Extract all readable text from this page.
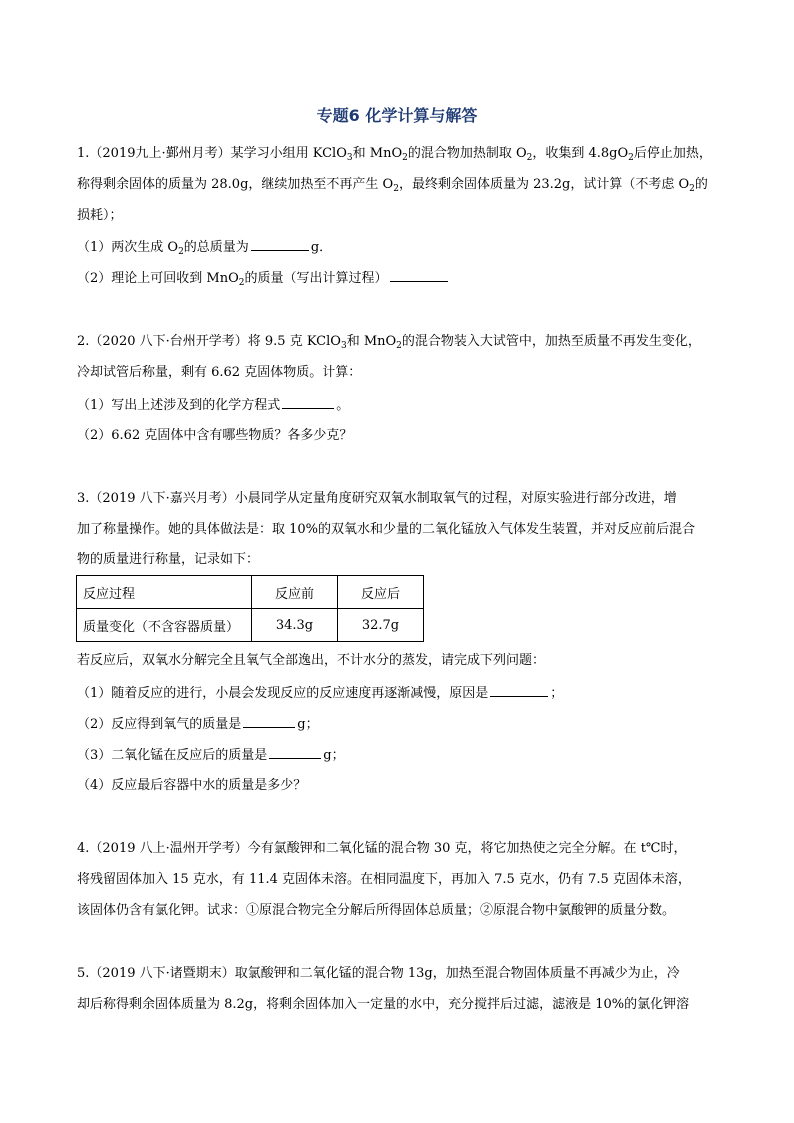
专题6 化学计算与解答
1.（2019九上·鄞州月考）某学习小组用 KClO$_3$和 MnO$_2$的混合物加热制取 $O_2$，收集到 $4.8gO_2$后停止加热，
称得剩余固体的质量为 28.0g，继续加热至不再产生 $O_2$，最终剩余固体质量为 23.2g，试计算（不考虑 $O_2$的
损耗）；
（1）两次生成 $O_2$的总质量为	g．
（2）理论上可回收到 MnO$_2$的质量（写出计算过程）
2.（2020 八下·台州开学考）将 9.5 克 KClO$_3$和 MnO$_2$的混合物装入大试管中，加热至质量不再发生变化，
冷却试管后称量，剩有 6.62 克固体物质。计算：
（1）写出上述涉及到的化学方程式	。
（2）6.62 克固体中含有哪些物质？各多少克？
3.（2019 八下·嘉兴月考）小晨同学从定量角度研究双氧水制取氧气的过程，对原实验进行部分改进，增
加了称量操作。她的具体做法是：取 10%的双氧水和少量的二氧化锰放入气体发生装置，并对反应前后混合
物的质量进行称量，记录如下：
反应过程	反应前	反应后
质量变化（不含容器质量）	34.3g	32.7g
若反应后，双氧水分解完全且氧气全部逸出，不计水分的蒸发，请完成下列问题：
（1）随着反应的进行，小晨会发现反应的反应速度再逐渐减慢，原因是	；
（2）反应得到氧气的质量是	g；
（3）二氧化锰在反应后的质量是	g；
（4）反应最后容器中水的质量是多少？
4.（2019 八上·温州开学考）今有氯酸钾和二氧化锰的混合物 30 克，将它加热使之完全分解。在 t℃时，
将残留固体加入 15 克水，有 11.4 克固体未溶。在相同温度下，再加入 7.5 克水，仍有 7.5 克固体未溶，
该固体仍含有氯化钾。试求：①原混合物完全分解后所得固体总质量；②原混合物中氯酸钾的质量分数。
5.（2019 八下·诸暨期末）取氯酸钾和二氧化锰的混合物 13g，加热至混合物固体质量不再减少为止，冷
却后称得剩余固体质量为 8.2g，将剩余固体加入一定量的水中，充分搅拌后过滤，滤液是 10%的氯化钾溶
